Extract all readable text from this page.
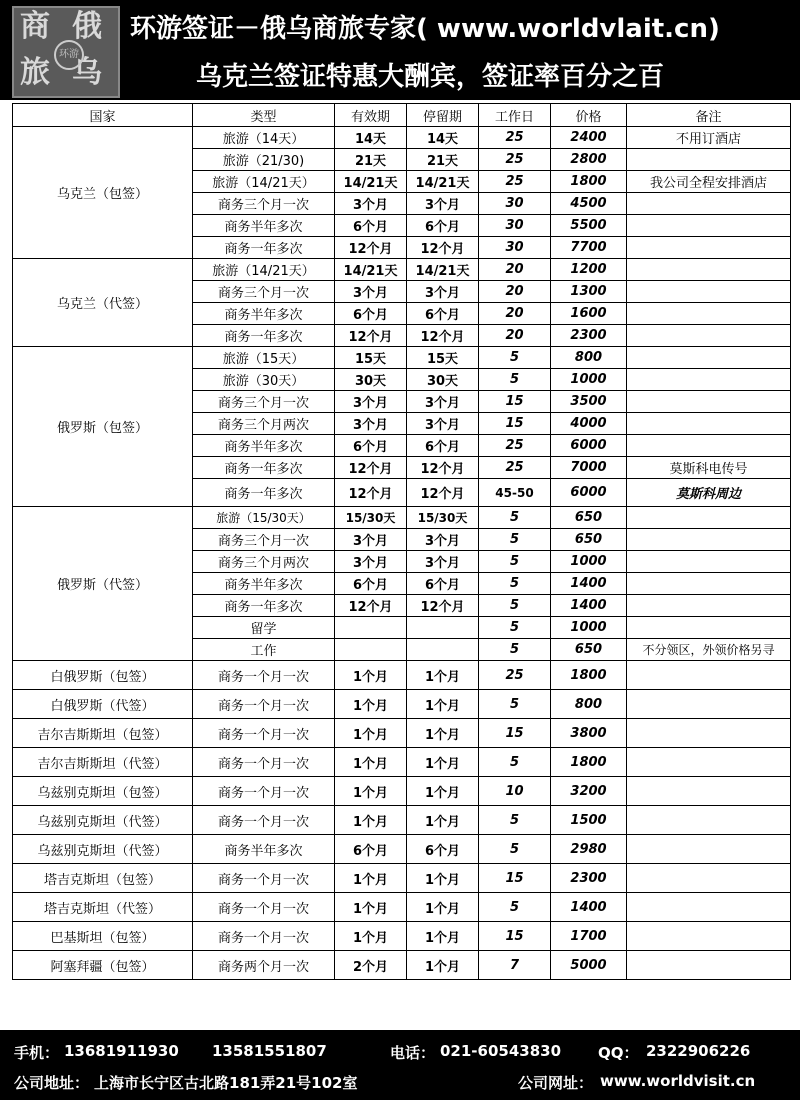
商 俄
旅 乌
环游
环游签证－俄乌商旅专家( www.worldvlait.cn)
乌克兰签证特惠大酬宾，签证率百分之百
国家	类型	有效期	停留期	工作日	价格	备注
乌克兰（包签）	旅游（14天）	14天	14天	25	2400	不用订酒店
	旅游（21/30)	21天	21天	25	2800	
	旅游（14/21天）	14/21天	14/21天	25	1800	我公司全程安排酒店
	商务三个月一次	3个月	3个月	30	4500	
	商务半年多次	6个月	6个月	30	5500	
	商务一年多次	12个月	12个月	30	7700	
乌克兰（代签）	旅游（14/21天）	14/21天	14/21天	20	1200	
	商务三个月一次	3个月	3个月	20	1300	
	商务半年多次	6个月	6个月	20	1600	
	商务一年多次	12个月	12个月	20	2300	
俄罗斯（包签）	旅游（15天）	15天	15天	5	800	
	旅游（30天）	30天	30天	5	1000	
	商务三个月一次	3个月	3个月	15	3500	
	商务三个月两次	3个月	3个月	15	4000	
	商务半年多次	6个月	6个月	25	6000	
	商务一年多次	12个月	12个月	25	7000	莫斯科电传号
	商务一年多次	12个月	12个月	45-50	6000	莫斯科周边
俄罗斯（代签）	旅游（15/30天）	15/30天	15/30天	5	650	
	商务三个月一次	3个月	3个月	5	650	
	商务三个月两次	3个月	3个月	5	1000	
	商务半年多次	6个月	6个月	5	1400	
	商务一年多次	12个月	12个月	5	1400	
	留学			5	1000	
	工作			5	650	不分领区，外领价格另寻
白俄罗斯（包签）	商务一个月一次	1个月	1个月	25	1800	
白俄罗斯（代签）	商务一个月一次	1个月	1个月	5	800	
吉尔吉斯斯坦（包签）	商务一个月一次	1个月	1个月	15	3800	
吉尔吉斯斯坦（代签）	商务一个月一次	1个月	1个月	5	1800	
乌兹别克斯坦（包签）	商务一个月一次	1个月	1个月	10	3200	
乌兹别克斯坦（代签）	商务一个月一次	1个月	1个月	5	1500	
乌兹别克斯坦（代签）	商务半年多次	6个月	6个月	5	2980	
塔吉克斯坦（包签）	商务一个月一次	1个月	1个月	15	2300	
塔吉克斯坦（代签）	商务一个月一次	1个月	1个月	5	1400	
巴基斯坦（包签）	商务一个月一次	1个月	1个月	15	1700	
阿塞拜疆（包签）	商务两个月一次	2个月	1个月	7	5000	
手机： 13681911930 13581551807	电话： 021-60543830 QQ： 2322906226
公司地址： 上海市长宁区古北路181弄21号102室	公司网址： www.worldvisit.cn
